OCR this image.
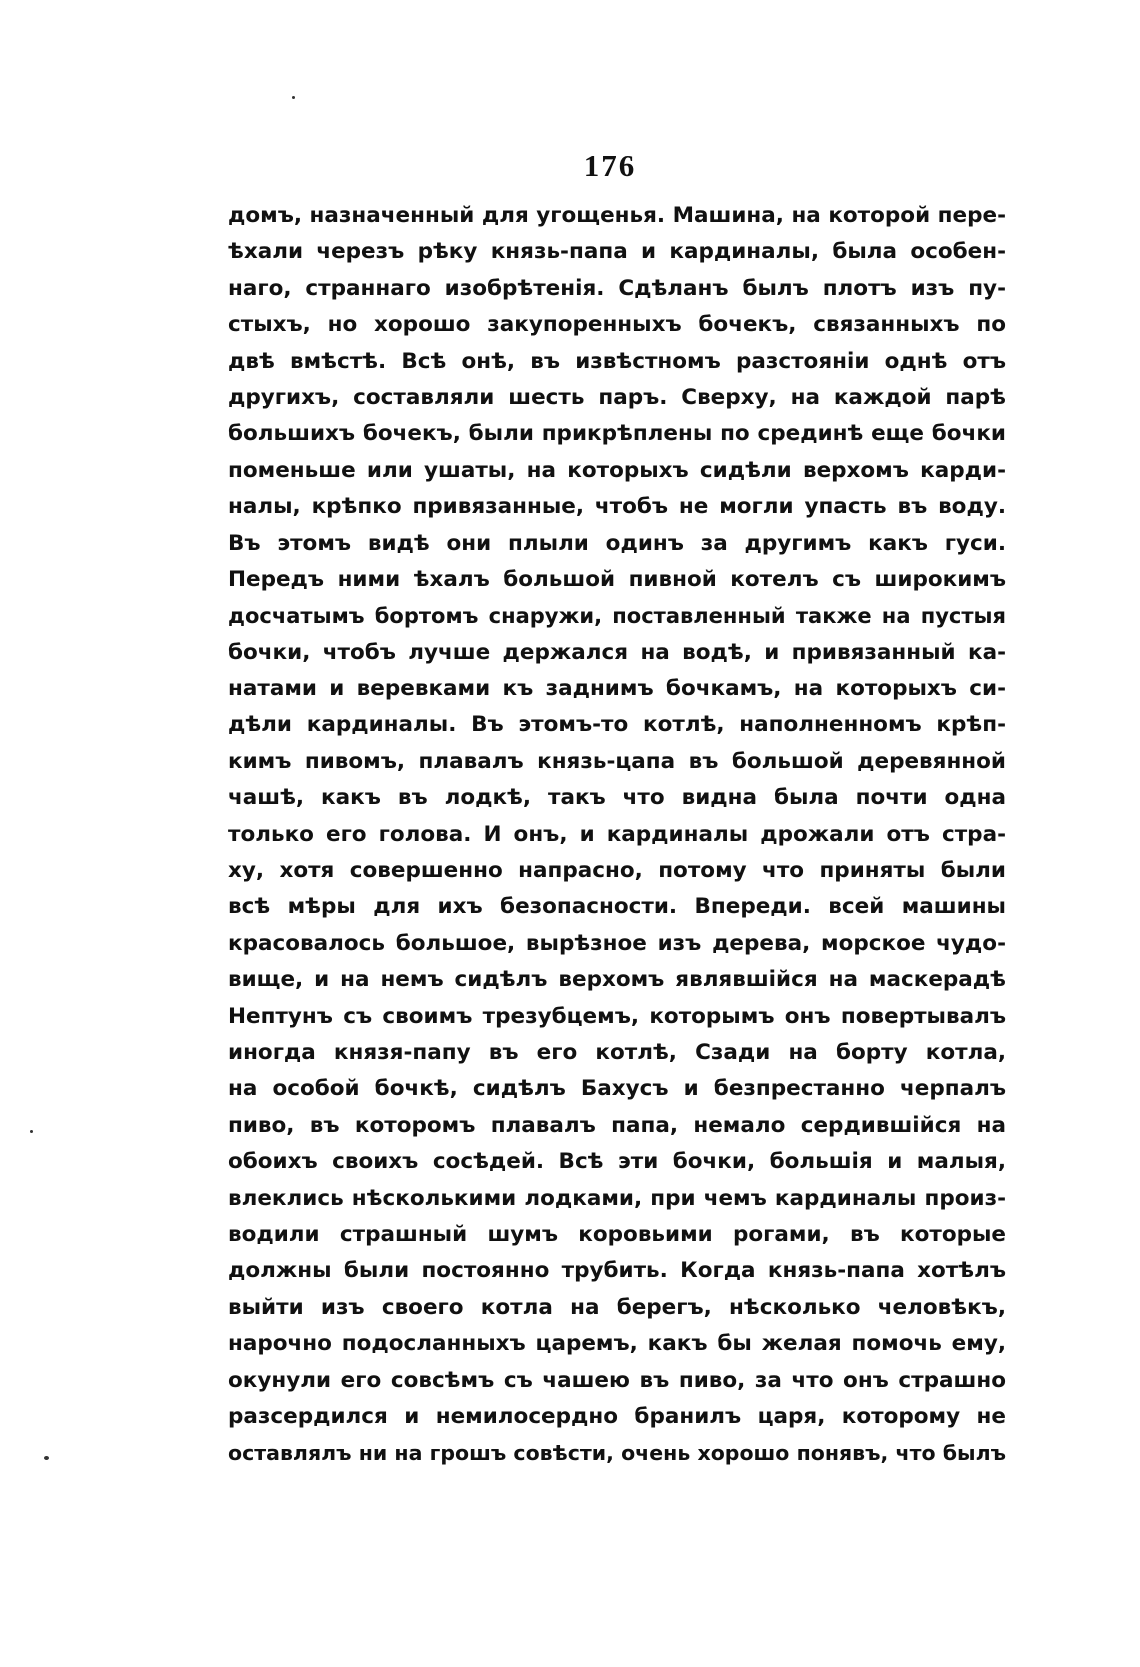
176
домъ, назначенный для угощенья. Машина, на которой пере-
ѣхали черезъ рѣку князь-папа и кардиналы, была особен-
наго, страннаго изобрѣтенія. Сдѣланъ былъ плотъ изъ пу-
стыхъ, но хорошо закупоренныхъ бочекъ, связанныхъ по
двѣ вмѣстѣ. Всѣ онѣ, въ извѣстномъ разстояніи однѣ отъ
другихъ, составляли шесть паръ. Сверху, на каждой парѣ
большихъ бочекъ, были прикрѣплены по срединѣ еще бочки
поменьше или ушаты, на которыхъ сидѣли верхомъ карди-
налы, крѣпко привязанные, чтобъ не могли упасть въ воду.
Въ этомъ видѣ они плыли одинъ за другимъ какъ гуси.
Передъ ними ѣхалъ большой пивной котелъ съ широкимъ
досчатымъ бортомъ снаружи, поставленный также на пустыя
бочки, чтобъ лучше держался на водѣ, и привязанный ка-
натами и веревками къ заднимъ бочкамъ, на которыхъ си-
дѣли кардиналы. Въ этомъ-то котлѣ, наполненномъ крѣп-
кимъ пивомъ, плавалъ князь-цапа въ большой деревянной
чашѣ, какъ въ лодкѣ, такъ что видна была почти одна
только его голова. И онъ, и кардиналы дрожали отъ стра-
ху, хотя совершенно напрасно, потому что приняты были
всѣ мѣры для ихъ безопасности. Впереди. всей машины
красовалось большое, вырѣзное изъ дерева, морское чудо-
вище, и на немъ сидѣлъ верхомъ являвшійся на маскерадѣ
Нептунъ съ своимъ трезубцемъ, которымъ онъ повертывалъ
иногда князя-папу въ его котлѣ, Сзади на борту котла,
на особой бочкѣ, сидѣлъ Бахусъ и безпрестанно черпалъ
пиво, въ которомъ плавалъ папа, немало сердившійся на
обоихъ своихъ сосѣдей. Всѣ эти бочки, большія и малыя,
влеклись нѣсколькими лодками, при чемъ кардиналы произ-
водили страшный шумъ коровьими рогами, въ которые
должны были постоянно трубить. Когда князь-папа хотѣлъ
выйти изъ своего котла на берегъ, нѣсколько человѣкъ,
нарочно подосланныхъ царемъ, какъ бы желая помочь ему,
окунули его совсѣмъ съ чашею въ пиво, за что онъ страшно
разсердился и немилосердно бранилъ царя, которому не
оставлялъ ни на грошъ совѣсти, очень хорошо понявъ, что былъ
